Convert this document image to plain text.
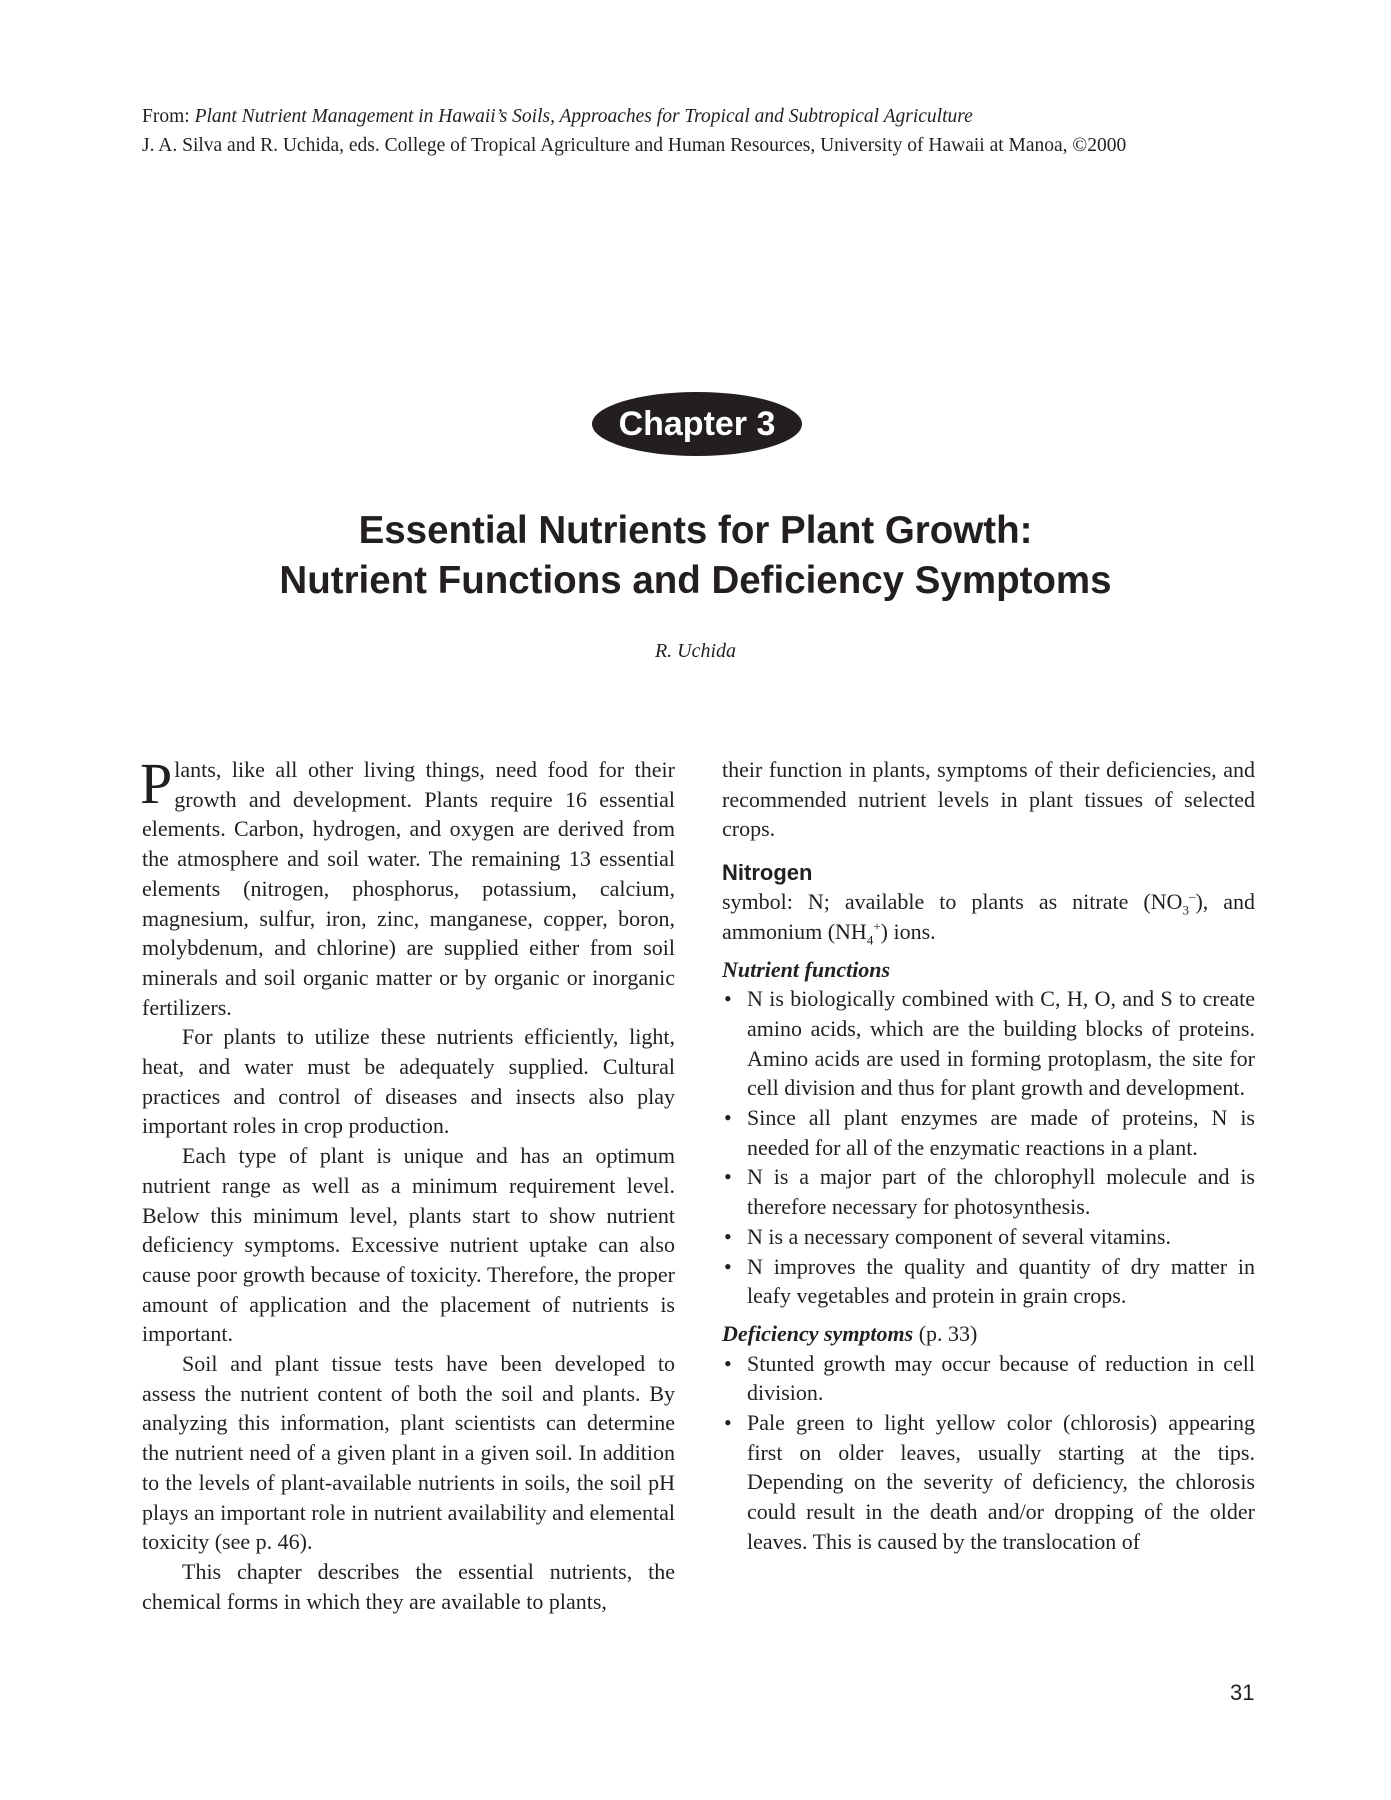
From: Plant Nutrient Management in Hawaii’s Soils, Approaches for Tropical and Subtropical Agriculture
J. A. Silva and R. Uchida, eds. College of Tropical Agriculture and Human Resources, University of Hawaii at Manoa, ©2000
Chapter 3
Essential Nutrients for Plant Growth:
Nutrient Functions and Deficiency Symptoms
R. Uchida

Plants, like all other living things, need food for their growth and development. Plants require 16 essential elements. Carbon, hydrogen, and oxygen are derived from the atmosphere and soil water. The remaining 13 essential elements (nitrogen, phosphorus, potassium, calcium, magnesium, sulfur, iron, zinc, manganese, copper, boron, molybdenum, and chlorine) are supplied either from soil minerals and soil organic matter or by organic or inorganic fertilizers.

For plants to utilize these nutrients efficiently, light, heat, and water must be adequately supplied. Cultural practices and control of diseases and insects also play important roles in crop production.

Each type of plant is unique and has an optimum nutrient range as well as a minimum requirement level. Below this minimum level, plants start to show nutrient deficiency symptoms. Excessive nutrient uptake can also cause poor growth because of toxicity. Therefore, the proper amount of application and the placement of nutrients is important.

Soil and plant tissue tests have been developed to assess the nutrient content of both the soil and plants. By analyzing this information, plant scientists can determine the nutrient need of a given plant in a given soil. In addition to the levels of plant-available nutrients in soils, the soil pH plays an important role in nutrient availability and elemental toxicity (see p. 46).

This chapter describes the essential nutrients, the chemical forms in which they are available to plants,

their function in plants, symptoms of their deficiencies, and recommended nutrient levels in plant tissues of selected crops.

Nitrogen

symbol: N; available to plants as nitrate $(NO_3^-)$, and ammonium $(NH_4^+)$ ions.

Nutrient functions
• N is biologically combined with C, H, O, and S to create amino acids, which are the building blocks of proteins. Amino acids are used in forming protoplasm, the site for cell division and thus for plant growth and development.
• Since all plant enzymes are made of proteins, N is needed for all of the enzymatic reactions in a plant.
• N is a major part of the chlorophyll molecule and is therefore necessary for photosynthesis.
• N is a necessary component of several vitamins.
• N improves the quality and quantity of dry matter in leafy vegetables and protein in grain crops.
Deficiency symptoms (p. 33)
• Stunted growth may occur because of reduction in cell division.
• Pale green to light yellow color (chlorosis) appearing first on older leaves, usually starting at the tips. Depending on the severity of deficiency, the chlorosis could result in the death and/or dropping of the older leaves. This is caused by the translocation of
31
